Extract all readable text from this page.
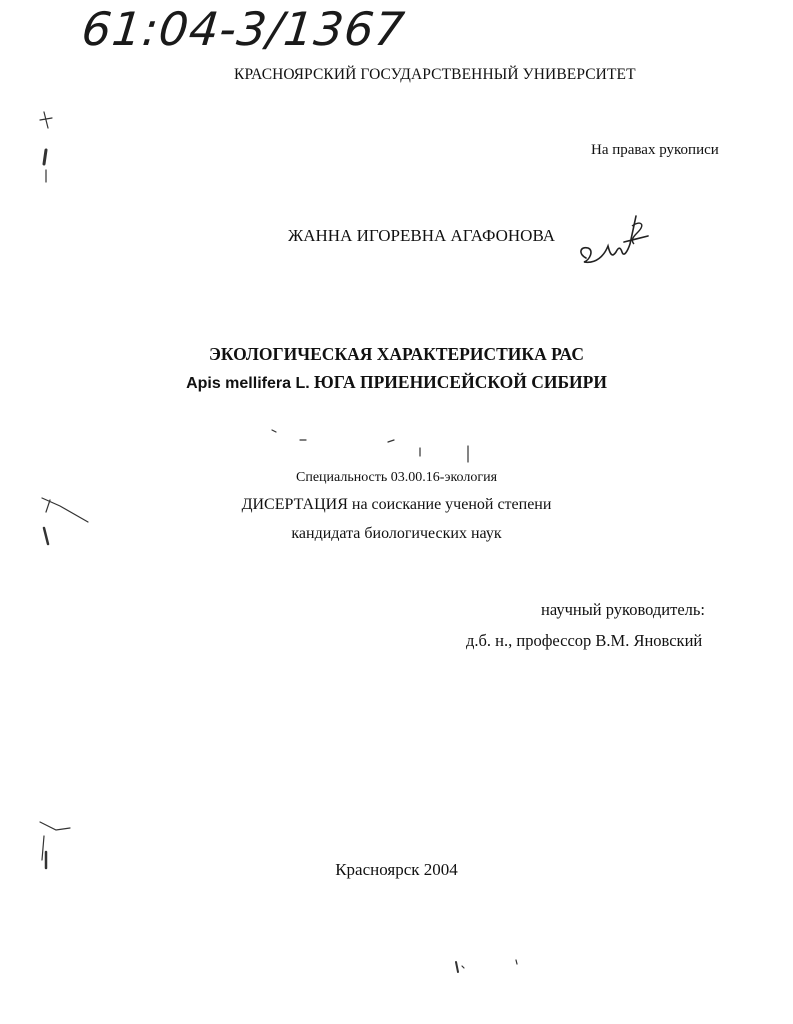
61:04-3/1367
КРАСНОЯРСКИЙ ГОСУДАРСТВЕННЫЙ УНИВЕРСИТЕТ
На правах рукописи
ЖАННА ИГОРЕВНА АГАФОНОВА
ЭКОЛОГИЧЕСКАЯ ХАРАКТЕРИСТИКА РАС
Apis mellifera L. ЮГА ПРИЕНИСЕЙСКОЙ СИБИРИ
Специальность 03.00.16-экология
ДИСЕРТАЦИЯ на соискание ученой степени
кандидата биологических наук
научный руководитель:
д.б. н., профессор В.М. Яновский
Красноярск 2004
